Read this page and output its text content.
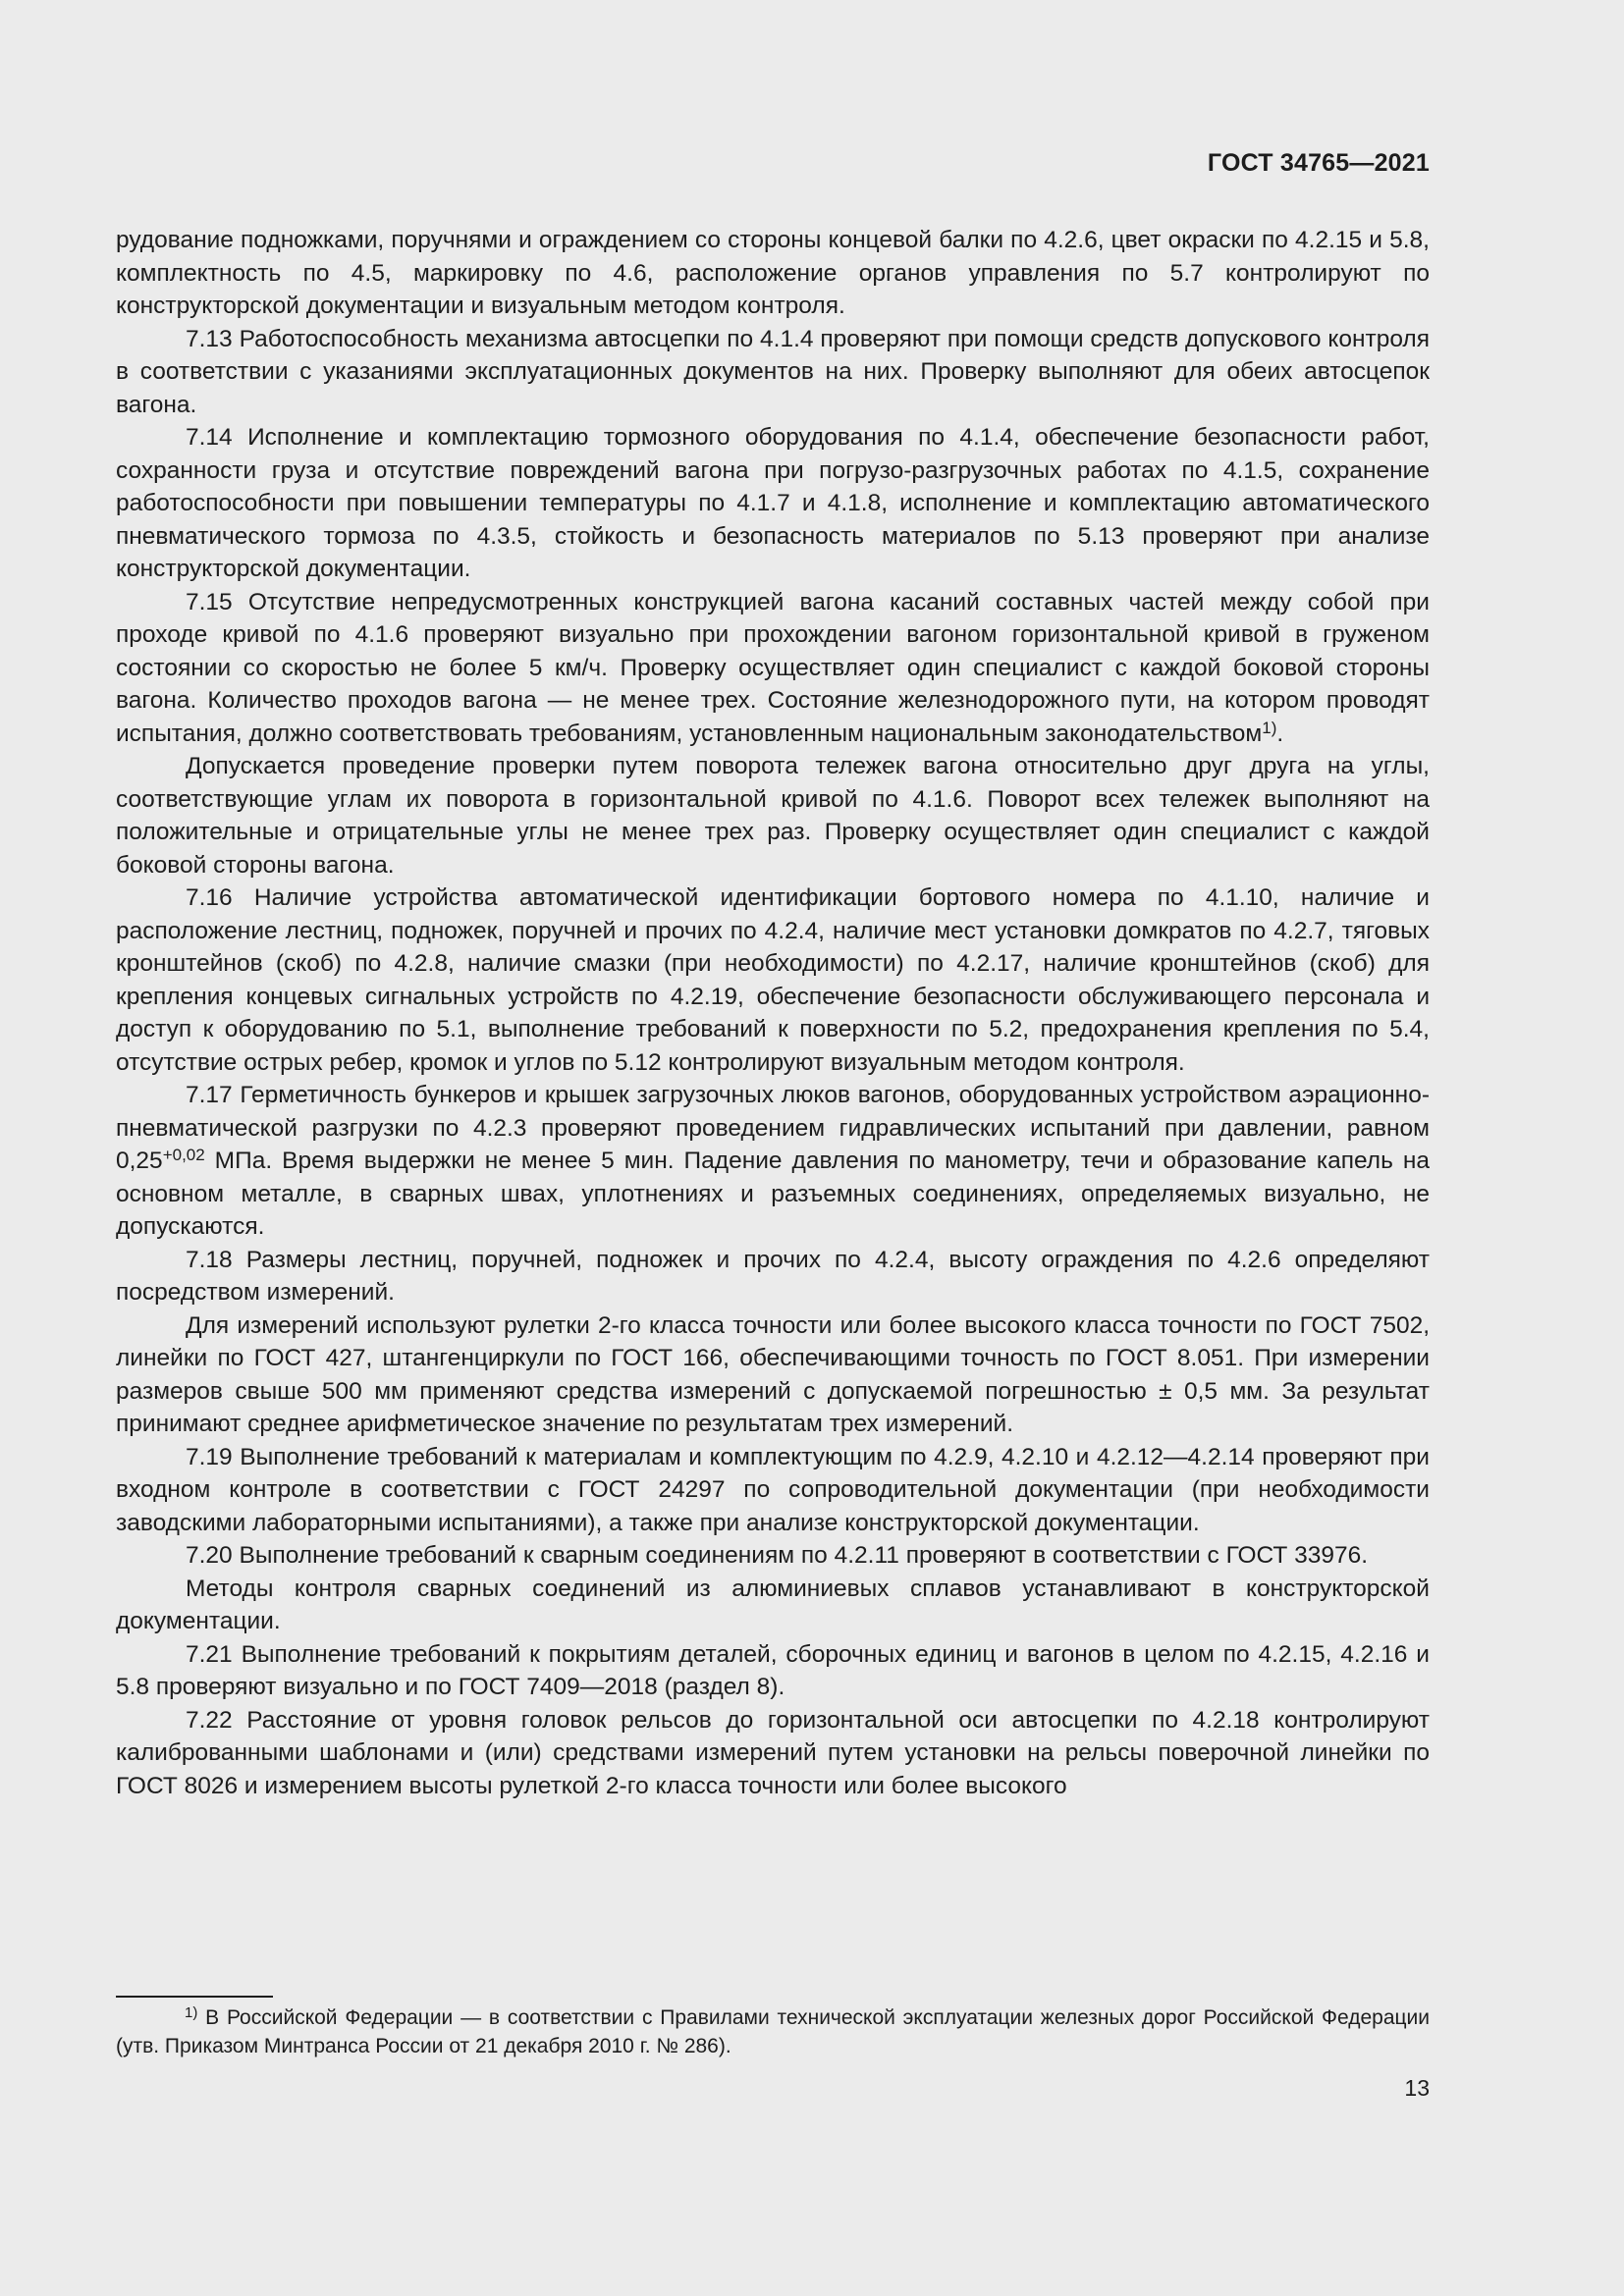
ГОСТ 34765—2021

рудование подножками, поручнями и ограждением со стороны концевой балки по 4.2.6, цвет окраски по 4.2.15 и 5.8, комплектность по 4.5, маркировку по 4.6, расположение органов управления по 5.7 контролируют по конструкторской документации и визуальным методом контроля.

7.13 Работоспособность механизма автосцепки по 4.1.4 проверяют при помощи средств допускового контроля в соответствии с указаниями эксплуатационных документов на них. Проверку выполняют для обеих автосцепок вагона.

7.14 Исполнение и комплектацию тормозного оборудования по 4.1.4, обеспечение безопасности работ, сохранности груза и отсутствие повреждений вагона при погрузо-разгрузочных работах по 4.1.5, сохранение работоспособности при повышении температуры по 4.1.7 и 4.1.8, исполнение и комплектацию автоматического пневматического тормоза по 4.3.5, стойкость и безопасность материалов по 5.13 проверяют при анализе конструкторской документации.

7.15 Отсутствие непредусмотренных конструкцией вагона касаний составных частей между собой при проходе кривой по 4.1.6 проверяют визуально при прохождении вагоном горизонтальной кривой в груженом состоянии со скоростью не более 5 км/ч. Проверку осуществляет один специалист с каждой боковой стороны вагона. Количество проходов вагона — не менее трех. Состояние железнодорожного пути, на котором проводят испытания, должно соответствовать требованиям, установленным национальным законодательством$^{1)}$.

Допускается проведение проверки путем поворота тележек вагона относительно друг друга на углы, соответствующие углам их поворота в горизонтальной кривой по 4.1.6. Поворот всех тележек выполняют на положительные и отрицательные углы не менее трех раз. Проверку осуществляет один специалист с каждой боковой стороны вагона.

7.16 Наличие устройства автоматической идентификации бортового номера по 4.1.10, наличие и расположение лестниц, подножек, поручней и прочих по 4.2.4, наличие мест установки домкратов по 4.2.7, тяговых кронштейнов (скоб) по 4.2.8, наличие смазки (при необходимости) по 4.2.17, наличие кронштейнов (скоб) для крепления концевых сигнальных устройств по 4.2.19, обеспечение безопасности обслуживающего персонала и доступ к оборудованию по 5.1, выполнение требований к поверхности по 5.2, предохранения крепления по 5.4, отсутствие острых ребер, кромок и углов по 5.12 контролируют визуальным методом контроля.

7.17 Герметичность бункеров и крышек загрузочных люков вагонов, оборудованных устройством аэрационно-пневматической разгрузки по 4.2.3 проверяют проведением гидравлических испытаний при давлении, равном $0,25^{+0,02}$ МПа. Время выдержки не менее 5 мин. Падение давления по манометру, течи и образование капель на основном металле, в сварных швах, уплотнениях и разъемных соединениях, определяемых визуально, не допускаются.

7.18 Размеры лестниц, поручней, подножек и прочих по 4.2.4, высоту ограждения по 4.2.6 определяют посредством измерений.

Для измерений используют рулетки 2-го класса точности или более высокого класса точности по ГОСТ 7502, линейки по ГОСТ 427, штангенциркули по ГОСТ 166, обеспечивающими точность по ГОСТ 8.051. При измерении размеров свыше 500 мм применяют средства измерений с допускаемой погрешностью ± 0,5 мм. За результат принимают среднее арифметическое значение по результатам трех измерений.

7.19 Выполнение требований к материалам и комплектующим по 4.2.9, 4.2.10 и 4.2.12—4.2.14 проверяют при входном контроле в соответствии с ГОСТ 24297 по сопроводительной документации (при необходимости заводскими лабораторными испытаниями), а также при анализе конструкторской документации.

7.20 Выполнение требований к сварным соединениям по 4.2.11 проверяют в соответствии с ГОСТ 33976.

Методы контроля сварных соединений из алюминиевых сплавов устанавливают в конструкторской документации.

7.21 Выполнение требований к покрытиям деталей, сборочных единиц и вагонов в целом по 4.2.15, 4.2.16 и 5.8 проверяют визуально и по ГОСТ 7409—2018 (раздел 8).

7.22 Расстояние от уровня головок рельсов до горизонтальной оси автосцепки по 4.2.18 контролируют калиброванными шаблонами и (или) средствами измерений путем установки на рельсы поверочной линейки по ГОСТ 8026 и измерением высоты рулеткой 2-го класса точности или более высокого

$^{1)}$ В Российской Федерации — в соответствии с Правилами технической эксплуатации железных дорог Российской Федерации (утв. Приказом Минтранса России от 21 декабря 2010 г. № 286).
13
